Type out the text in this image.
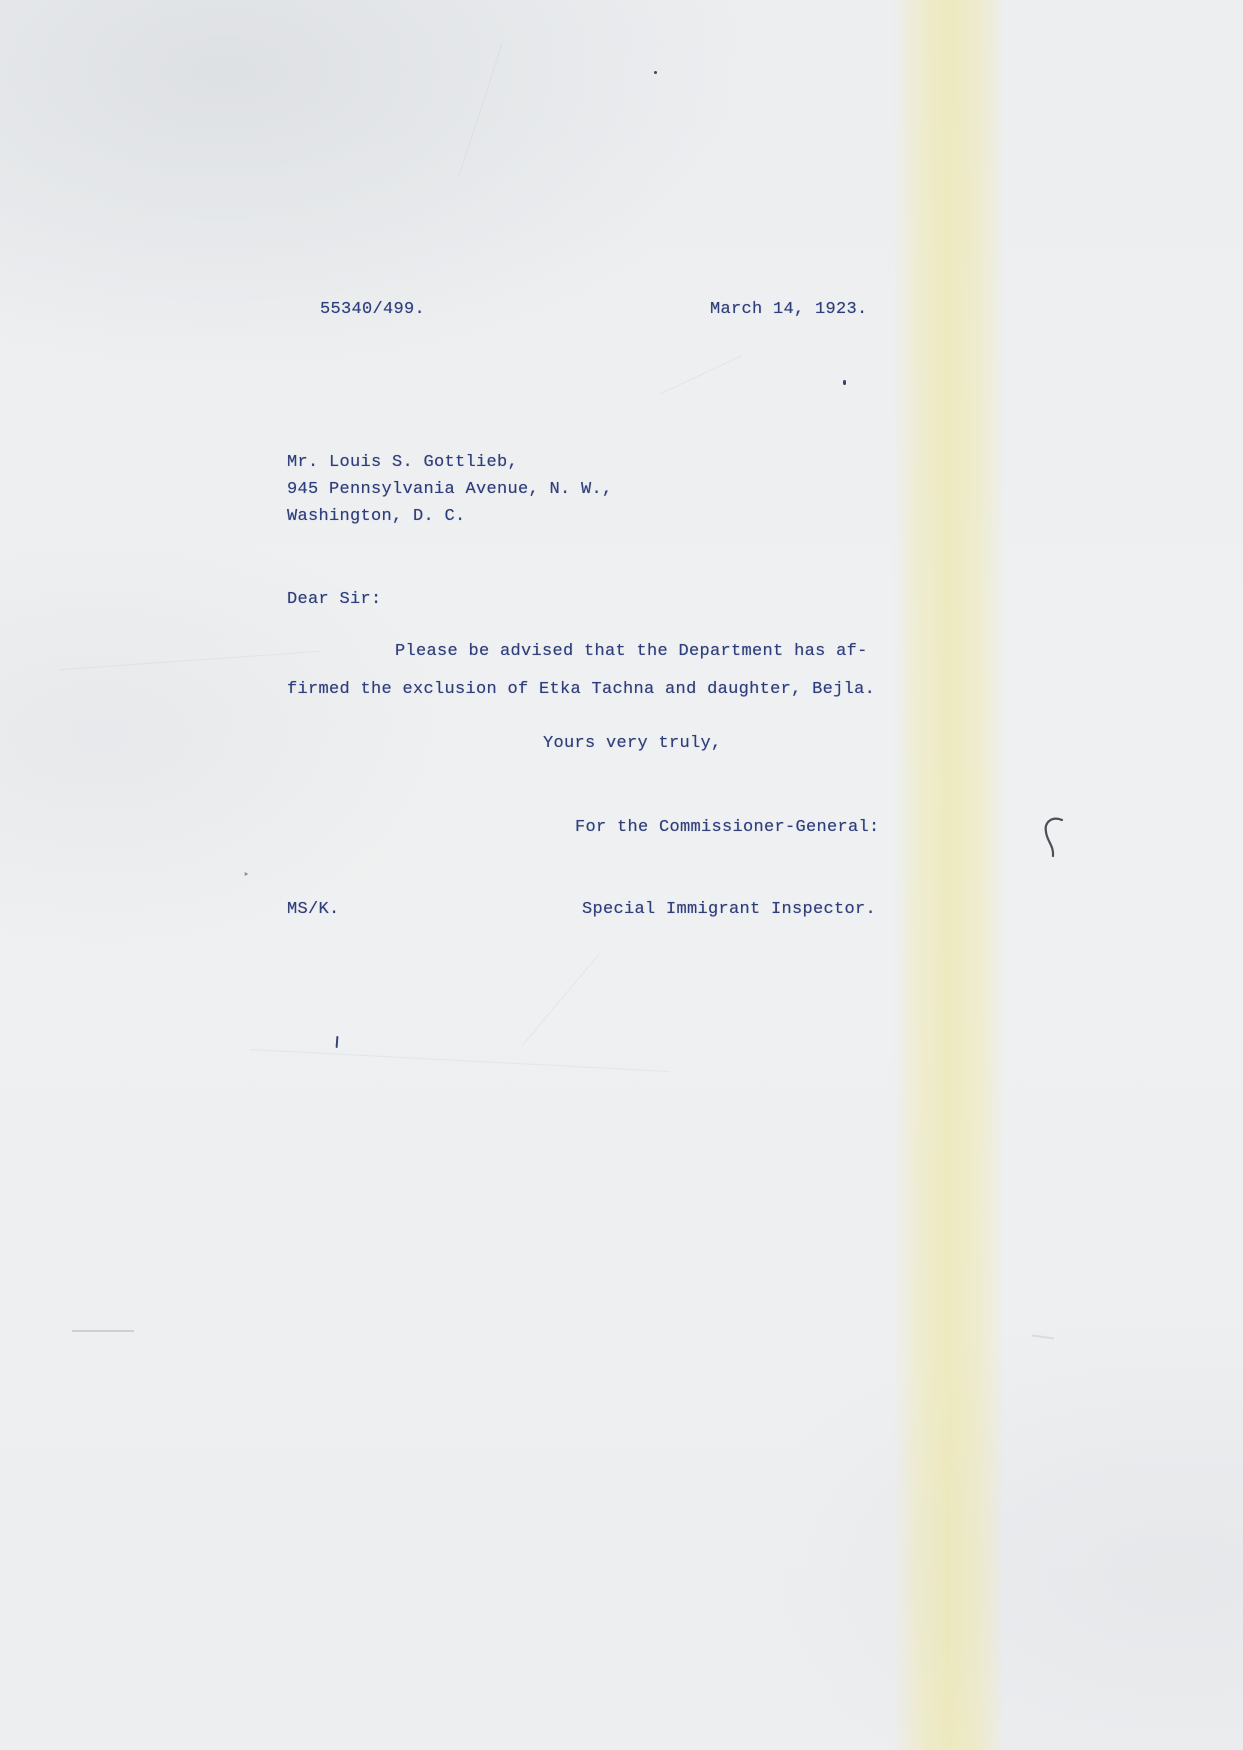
55340/499.	March 14, 1923.
Mr. Louis S. Gottlieb,
945 Pennsylvania Avenue, N. W.,
Washington, D. C.
Dear Sir:
Please be advised that the Department has af-
firmed the exclusion of Etka Tachna and daughter, Bejla.
Yours very truly,
For the Commissioner-General:
MS/K.	Special Immigrant Inspector.
‣
